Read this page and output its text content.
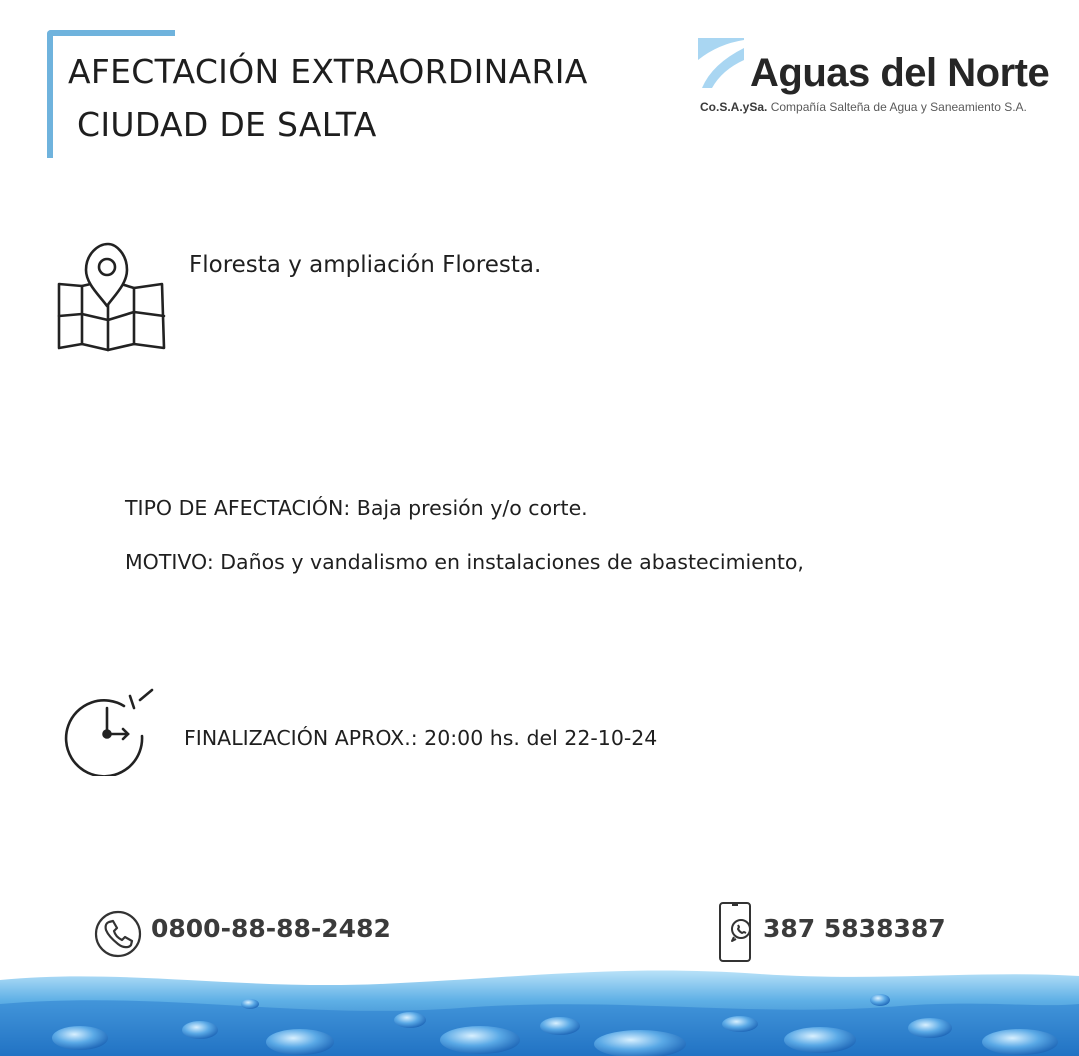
AFECTACIÓN EXTRAORDINARIA
CIUDAD DE SALTA
Aguas del Norte
Co.S.A.ySa. Compañía Salteña de Agua y Saneamiento S.A.
Floresta y ampliación Floresta.
TIPO DE AFECTACIÓN: Baja presión y/o corte.
MOTIVO: Daños y vandalismo en instalaciones de abastecimiento,
FINALIZACIÓN APROX.: 20:00 hs. del 22-10-24
0800-88-88-2482	387 5838387
